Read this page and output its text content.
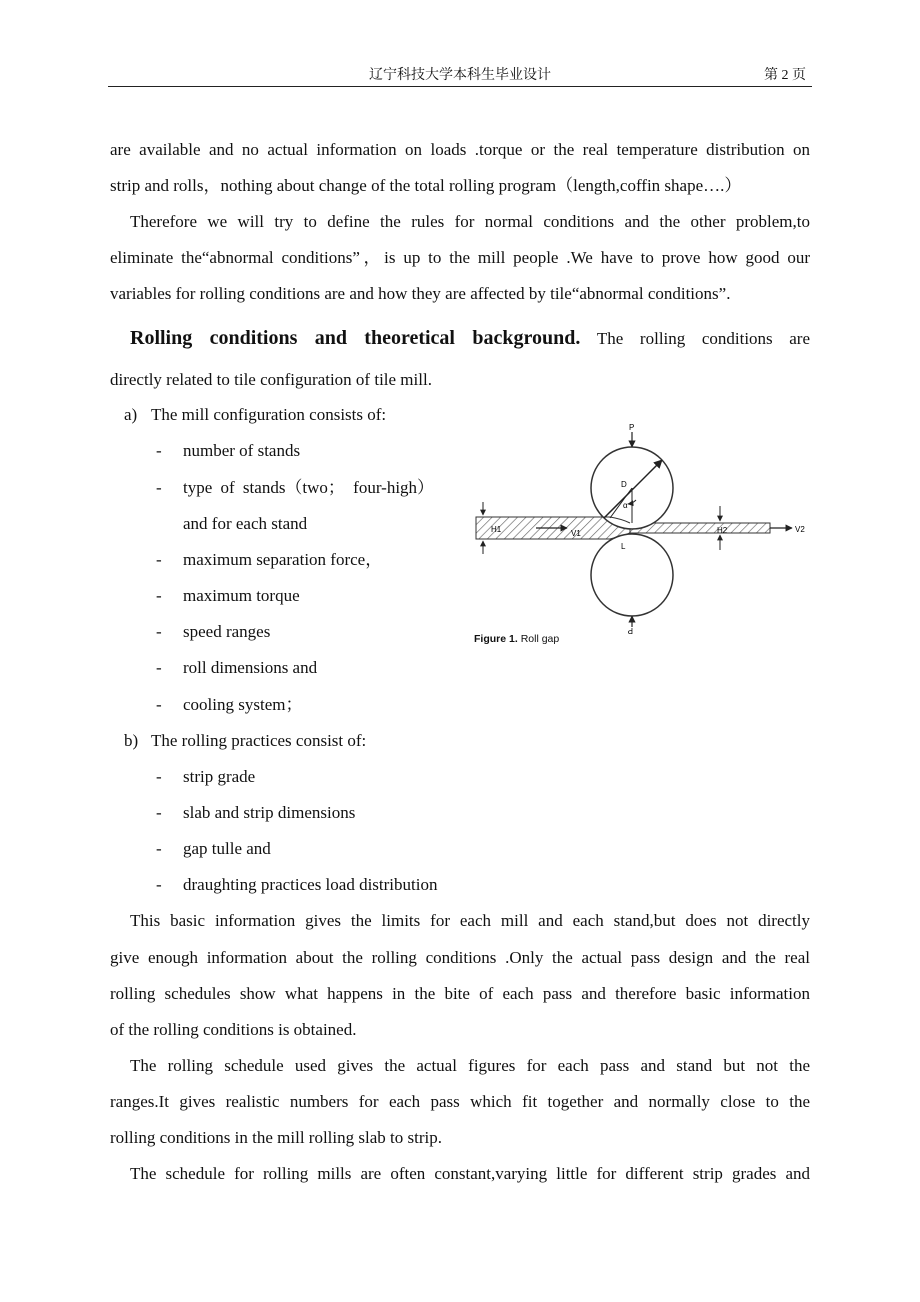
辽宁科技大学本科生毕业设计	第 2 页
are available and no actual information on loads .torque or the real temperature distribution on
strip and rolls，nothing about change of the total rolling program（length,coffin shape….）
Therefore we will try to define the rules for normal conditions and the other problem,to
eliminate the“abnormal conditions”，is up to the mill people .We have to prove how good our
variables for rolling conditions are and how they are affected by tile“abnormal conditions”.
Rolling conditions and theoretical background. The rolling conditions are
directly related to tile configuration of tile mill.
a) The mill configuration consists of:
- number of stands
- type of stands（two； four-high）
and for each stand
- maximum separation force，
- maximum torque
- speed ranges
- roll dimensions and
- cooling system；
b) The rolling practices consist of:
- strip grade
- slab and strip dimensions
- gap tulle and
- draughting practices load distribution
P
D
α
H1	V1
L
H2	V2
P
Figure 1. Roll gap
This basic information gives the limits for each mill and each stand,but does not directly
give enough information about the rolling conditions .Only the actual pass design and the real
rolling schedules show what happens in the bite of each pass and therefore basic information
of the rolling conditions is obtained.
The rolling schedule used gives the actual figures for each pass and stand but not the
ranges.It gives realistic numbers for each pass which fit together and normally close to the
rolling conditions in the mill rolling slab to strip.
The schedule for rolling mills are often constant,varying little for different strip grades and
